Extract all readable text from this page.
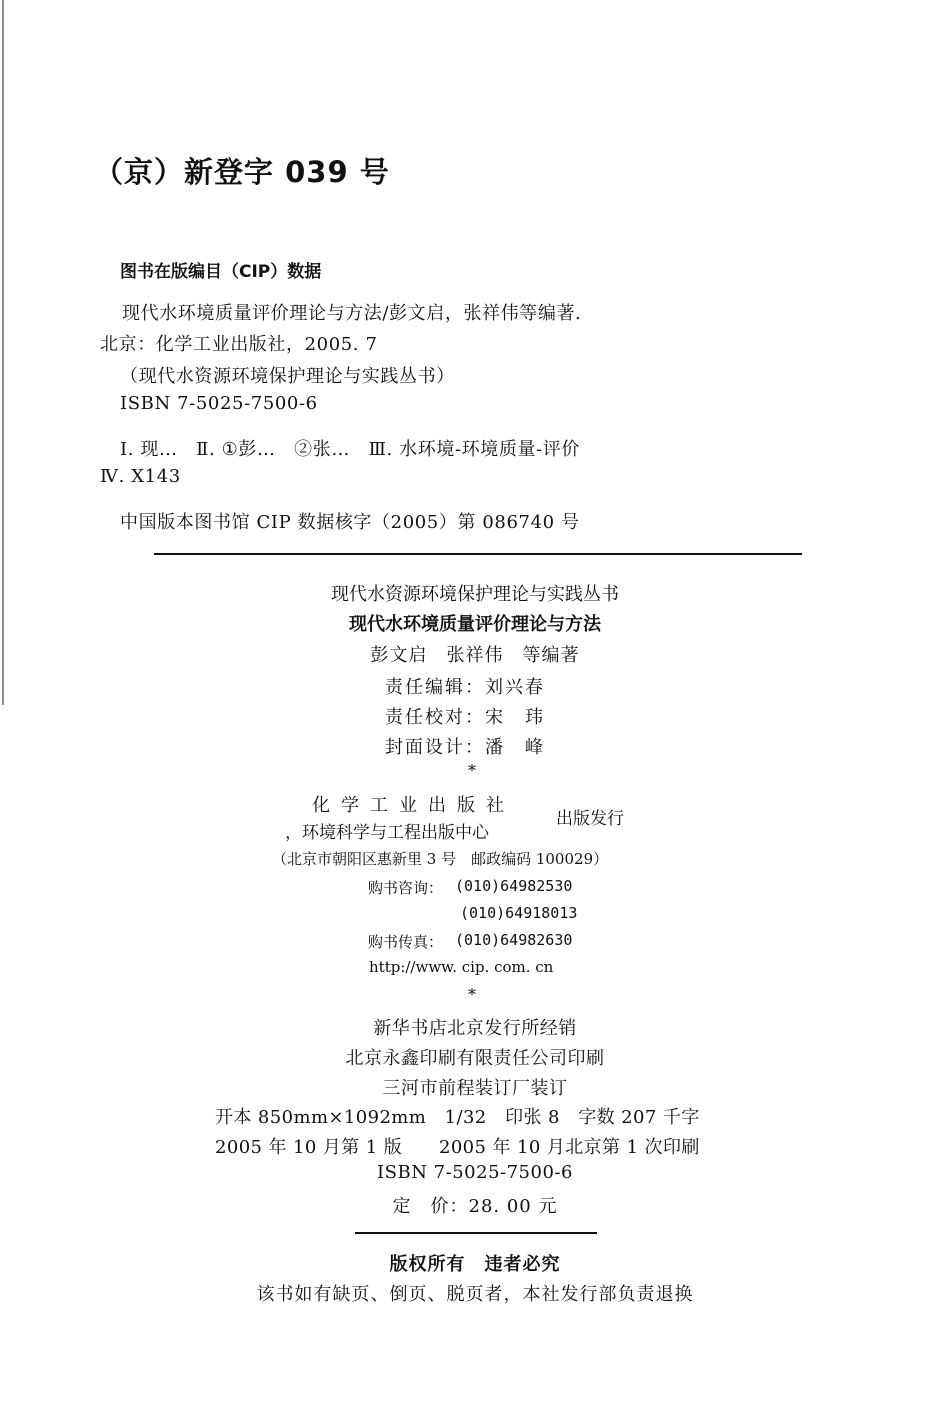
（京）新登字 039 号
图书在版编目（CIP）数据
现代水环境质量评价理论与方法/彭文启，张祥伟等编著.
北京：化学工业出版社，2005. 7
（现代水资源环境保护理论与实践丛书）
ISBN 7-5025-7500-6
Ⅰ. 现…　Ⅱ. ①彭…　②张…　Ⅲ. 水环境-环境质量-评价
Ⅳ. X143
中国版本图书馆 CIP 数据核字（2005）第 086740 号
现代水资源环境保护理论与实践丛书
现代水环境质量评价理论与方法
彭文启　张祥伟　等编著
责任编辑：刘兴春
责任校对：宋　玮
封面设计：潘　峰
*
化学工业出版社
，环境科学与工程出版中心
出版发行
（北京市朝阳区惠新里 3 号　邮政编码 100029）
购书咨询： (010)64982530
(010)64918013
购书传真： (010)64982630
http://www. cip. com. cn
*
新华书店北京发行所经销
北京永鑫印刷有限责任公司印刷
三河市前程装订厂装订
开本 850mm×1092mm　1/32　印张 8　字数 207 千字
2005 年 10 月第 1 版　　2005 年 10 月北京第 1 次印刷
ISBN 7-5025-7500-6
定　价：28. 00 元
版权所有　违者必究
该书如有缺页、倒页、脱页者，本社发行部负责退换
